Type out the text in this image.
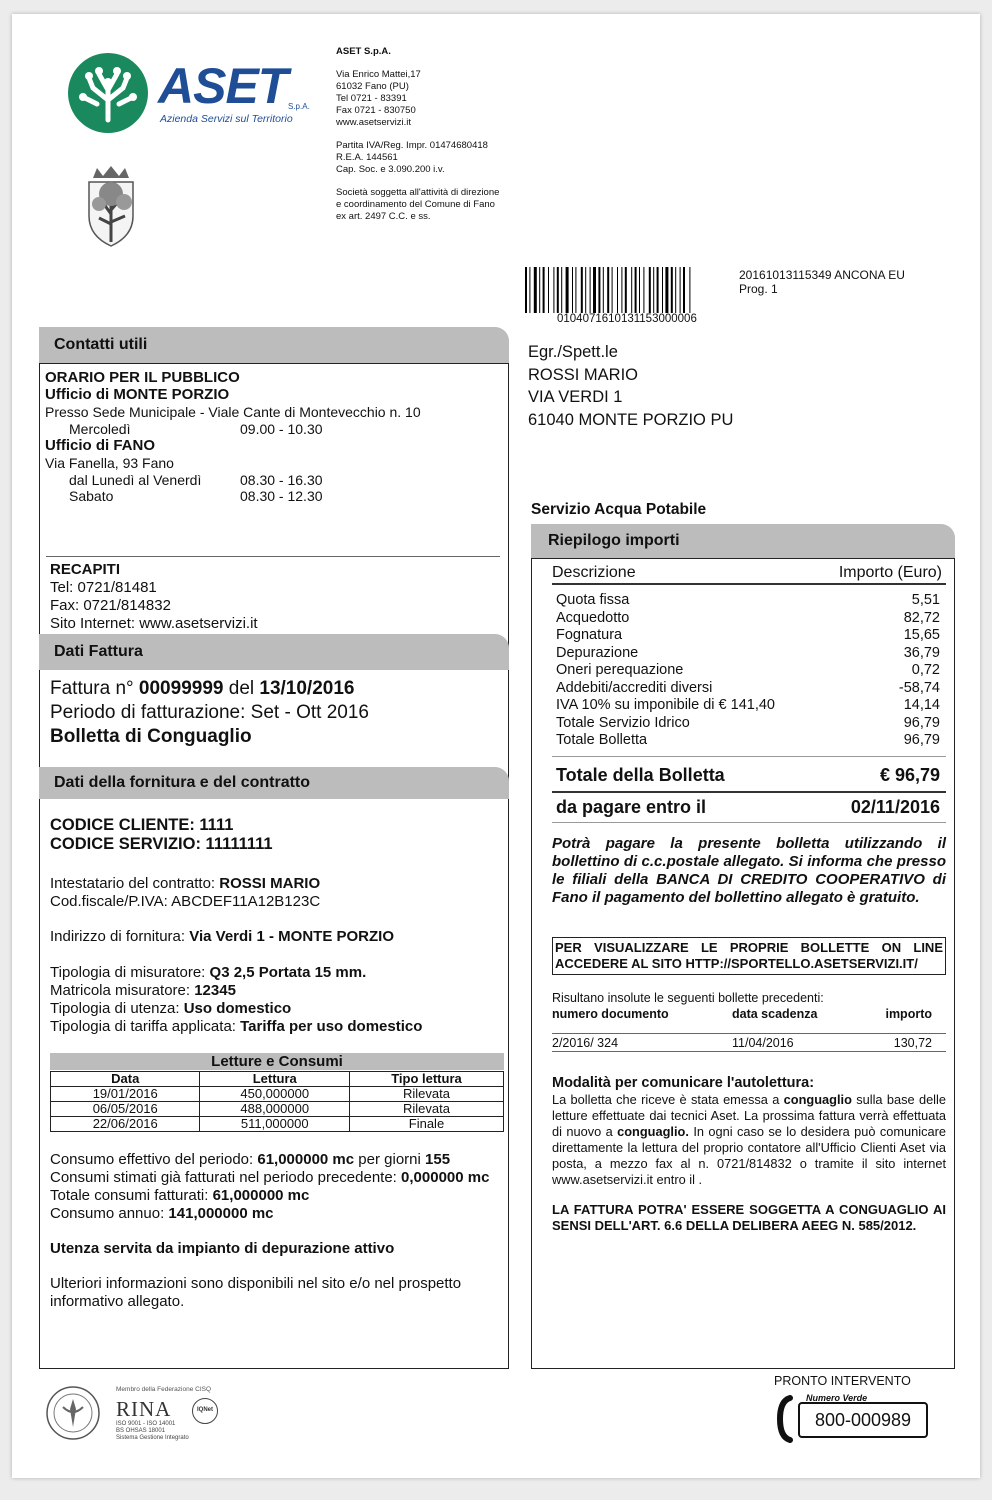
ASET S.p.A.
Azienda Servizi sul Territorio
ASET S.p.A.
Via Enrico Mattei,17
61032 Fano (PU)
Tel 0721 - 83391
Fax 0721 - 830750
www.asetservizi.it
Partita IVA/Reg. Impr. 01474680418
R.E.A. 144561
Cap. Soc. e 3.090.200 i.v.
Società soggetta all'attività di direzione
e coordinamento del Comune di Fano
ex art. 2497 C.C. e ss.
01040716101311530000​06
20161013115349 ANCONA EU
Prog. 1
Contatti utili
ORARIO PER IL PUBBLICO
Ufficio di MONTE PORZIO
Presso Sede Municipale - Viale Cante di Montevecchio n. 10
Mercoledì	09.00 - 10.30
Ufficio di FANO
Via Fanella, 93 Fano
dal Lunedì al Venerdì	08.30 - 16.30
Sabato	08.30 - 12.30
RECAPITI
Tel: 0721/81481
Fax: 0721/814832
Sito Internet: www.asetservizi.it
Dati Fattura
Fattura n° 00099999 del 13/10/2016
Periodo di fatturazione: Set - Ott 2016
Bolletta di Conguaglio
Dati della fornitura e del contratto
CODICE CLIENTE: 1111
CODICE SERVIZIO: 11111111
Intestatario del contratto: ROSSI MARIO
Cod.fiscale/P.IVA: ABCDEF11A12B123C
Indirizzo di fornitura: Via Verdi 1 - MONTE PORZIO
Tipologia di misuratore: Q3 2,5 Portata 15 mm.
Matricola misuratore: 12345
Tipologia di utenza: Uso domestico
Tipologia di tariffa applicata: Tariffa per uso domestico
Letture e Consumi
Data	Lettura	Tipo lettura
19/01/2016	450,000000	Rilevata
06/05/2016	488,000000	Rilevata
22/06/2016	511,000000	Finale
Consumo effettivo del periodo: 61,000000 mc per giorni 155
Consumi stimati già fatturati nel periodo precedente: 0,000000 mc
Totale consumi fatturati: 61,000000 mc
Consumo annuo: 141,000000 mc
Utenza servita da impianto di depurazione attivo
Ulteriori informazioni sono disponibili nel sito e/o nel prospetto
informativo allegato.
Egr./Spett.le
ROSSI MARIO
VIA VERDI 1
61040 MONTE PORZIO PU
Servizio Acqua Potabile
Riepilogo importi
Descrizione	Importo (Euro)
Quota fissa	5,51
Acquedotto	82,72
Fognatura	15,65
Depurazione	36,79
Oneri perequazione	0,72
Addebiti/accrediti diversi	-58,74
IVA 10% su imponibile di € 141,40	14,14
Totale Servizio Idrico	96,79
Totale Bolletta	96,79
Totale della Bolletta	€ 96,79
da pagare entro il	02/11/2016
Potrà pagare la presente bolletta utilizzando il bollettino di c.c.postale allegato. Si informa che presso le filiali della BANCA DI CREDITO COOPERATIVO di Fano il pagamento del bollettino allegato è gratuito.
PER VISUALIZZARE LE PROPRIE BOLLETTE ON LINE ACCEDERE AL SITO HTTP://SPORTELLO.ASETSERVIZI.IT/
Risultano insolute le seguenti bollette precedenti:
numero documento	data scadenza	importo
2/2016/ 324	11/04/2016	130,72
Modalità per comunicare l'autolettura:
La bolletta che riceve è stata emessa a conguaglio sulla base delle letture effettuate dai tecnici Aset. La prossima fattura verrà effettuata di nuovo a conguaglio. In ogni caso se lo desidera può comunicare direttamente la lettura del proprio contatore all'Ufficio Clienti Aset via posta, a mezzo fax al n. 0721/814832 o tramite il sito internet www.asetservizi.it entro il .
LA FATTURA POTRA' ESSERE SOGGETTA A CONGUAGLIO AI SENSI DELL'ART. 6.6 DELLA DELIBERA AEEG N. 585/2012.
Membro della Federazione CISQ
RINA
ISO 9001 - ISO 14001
BS OHSAS 18001
Sistema Gestione Integrato
IQNet
PRONTO INTERVENTO
Numero Verde
800-000989
